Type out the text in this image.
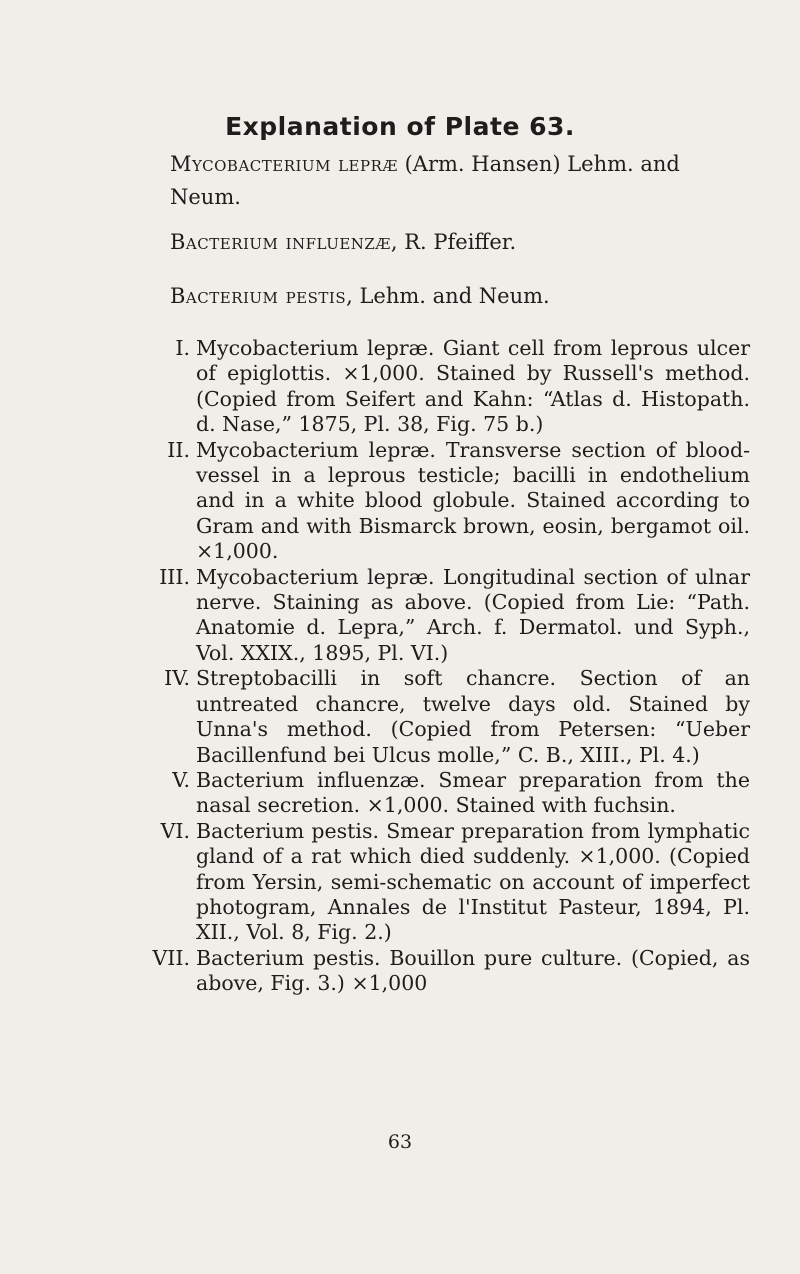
Explanation of Plate 63.
Mycobacterium lepræ (Arm. Hansen) Lehm. and Neum.
Bacterium influenzæ, R. Pfeiffer.
Bacterium pestis, Lehm. and Neum.
I. Mycobacterium lepræ. Giant cell from leprous ulcer of epiglottis. ×1,000. Stained by Russell's method. (Copied from Seifert and Kahn: “Atlas d. Histopath. d. Nase,” 1875, Pl. 38, Fig. 75 b.)
II. Mycobacterium lepræ. Transverse section of blood-vessel in a leprous testicle; bacilli in endothelium and in a white blood globule. Stained according to Gram and with Bismarck brown, eosin, bergamot oil. ×1,000.
III. Mycobacterium lepræ. Longitudinal section of ulnar nerve. Staining as above. (Copied from Lie: “Path. Anatomie d. Lepra,” Arch. f. Dermatol. und Syph., Vol. XXIX., 1895, Pl. VI.)
IV. Streptobacilli in soft chancre. Section of an untreated chancre, twelve days old. Stained by Unna's method. (Copied from Petersen: “Ueber Bacillenfund bei Ulcus molle,” C. B., XIII., Pl. 4.)
V. Bacterium influenzæ. Smear preparation from the nasal secretion. ×1,000. Stained with fuchsin.
VI. Bacterium pestis. Smear preparation from lymphatic gland of a rat which died suddenly. ×1,000. (Copied from Yersin, semi-schematic on account of imperfect photogram, Annales de l'Institut Pasteur, 1894, Pl. XII., Vol. 8, Fig. 2.)
VII. Bacterium pestis. Bouillon pure culture. (Copied, as above, Fig. 3.) ×1,000
63
